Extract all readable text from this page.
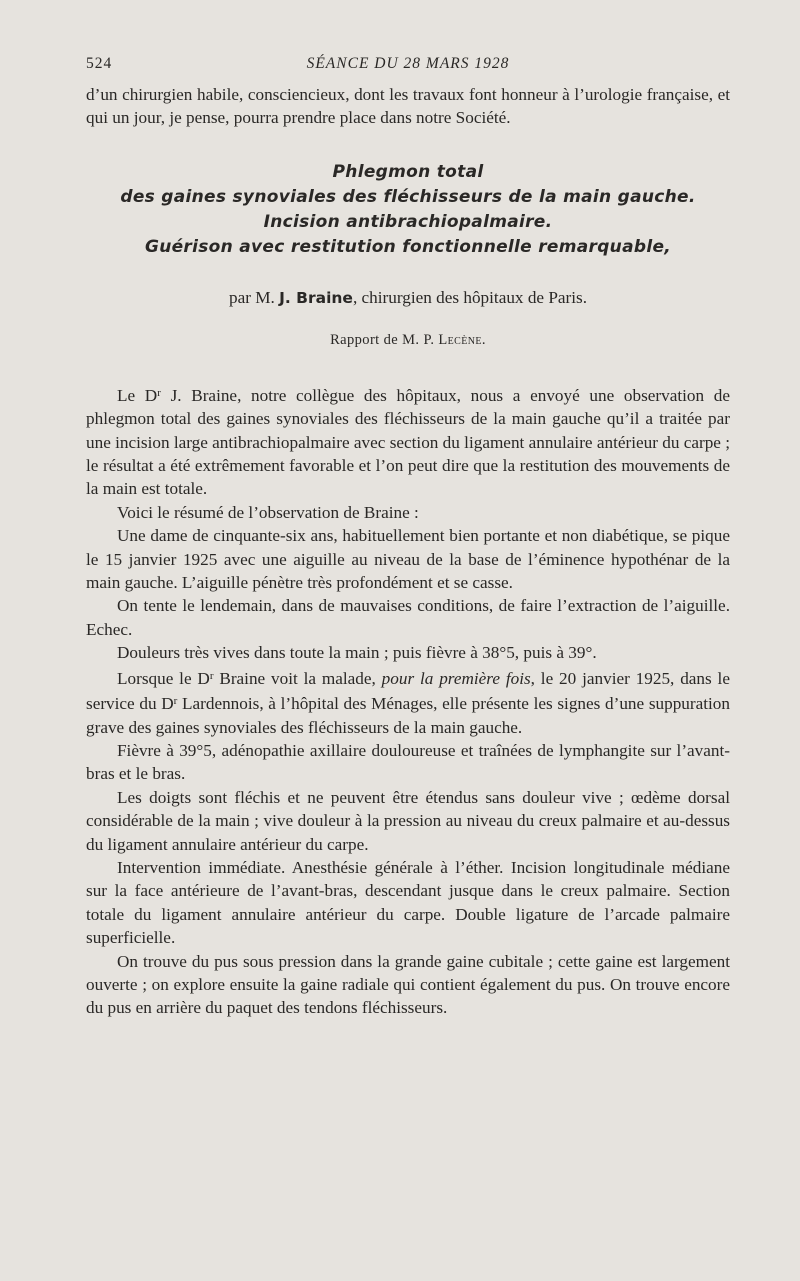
524	SÉANCE DU 28 MARS 1928

d’un chirurgien habile, consciencieux, dont les travaux font honneur à l’urologie française, et qui un jour, je pense, pourra prendre place dans notre Société.

Phlegmon total
des gaines synoviales des fléchisseurs de la main gauche.
Incision antibrachiopalmaire.
Guérison avec restitution fonctionnelle remarquable,
par M. J. Braine, chirurgien des hôpitaux de Paris.
Rapport de M. P. Lecène.

Le $D^r$ J. Braine, notre collègue des hôpitaux, nous a envoyé une observation de phlegmon total des gaines synoviales des fléchisseurs de la main gauche qu’il a traitée par une incision large antibrachiopalmaire avec section du ligament annulaire antérieur du carpe ; le résultat a été extrêmement favorable et l’on peut dire que la restitution des mouvements de la main est totale.

Voici le résumé de l’observation de Braine :

Une dame de cinquante-six ans, habituellement bien portante et non diabétique, se pique le 15 janvier 1925 avec une aiguille au niveau de la base de l’éminence hypothénar de la main gauche. L’aiguille pénètre très profondément et se casse.

On tente le lendemain, dans de mauvaises conditions, de faire l’extraction de l’aiguille. Echec.

Douleurs très vives dans toute la main ; puis fièvre à 38°5, puis à 39°.

Lorsque le $D^r$ Braine voit la malade, pour la première fois, le 20 janvier 1925, dans le service du $D^r$ Lardennois, à l’hôpital des Ménages, elle présente les signes d’une suppuration grave des gaines synoviales des fléchisseurs de la main gauche.

Fièvre à 39°5, adénopathie axillaire douloureuse et traînées de lymphangite sur l’avant-bras et le bras.

Les doigts sont fléchis et ne peuvent être étendus sans douleur vive ; œdème dorsal considérable de la main ; vive douleur à la pression au niveau du creux palmaire et au-dessus du ligament annulaire antérieur du carpe.

Intervention immédiate. Anesthésie générale à l’éther. Incision longitudinale médiane sur la face antérieure de l’avant-bras, descendant jusque dans le creux palmaire. Section totale du ligament annulaire antérieur du carpe. Double ligature de l’arcade palmaire superficielle.

On trouve du pus sous pression dans la grande gaine cubitale ; cette gaine est largement ouverte ; on explore ensuite la gaine radiale qui contient également du pus. On trouve encore du pus en arrière du paquet des tendons fléchisseurs.
